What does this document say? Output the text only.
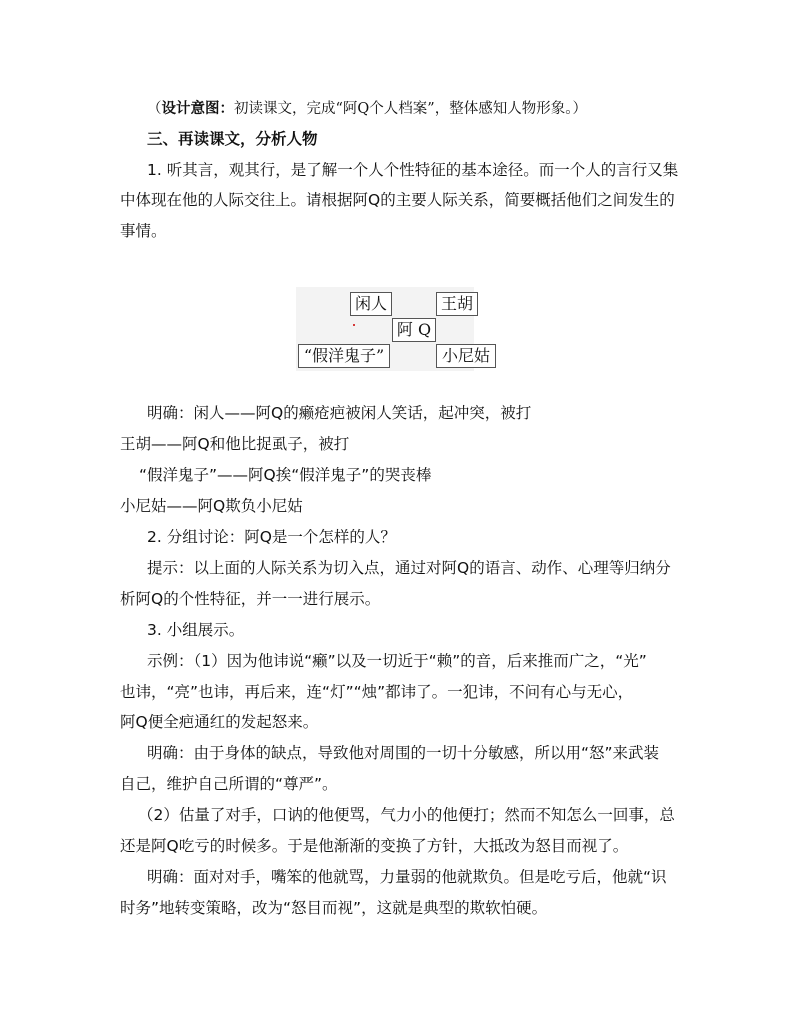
（设计意图：初读课文，完成“阿Q个人档案”，整体感知人物形象。）
三、再读课文，分析人物
1. 听其言，观其行，是了解一个人个性特征的基本途径。而一个人的言行又集
中体现在他的人际交往上。请根据阿Q的主要人际关系，简要概括他们之间发生的
事情。
闲人	王胡
阿 Q
“假洋鬼子”	小尼姑
明确：闲人——阿Q的癞疮疤被闲人笑话，起冲突，被打
王胡——阿Q和他比捉虱子，被打
“假洋鬼子”——阿Q挨“假洋鬼子”的哭丧棒
小尼姑——阿Q欺负小尼姑
2. 分组讨论：阿Q是一个怎样的人？
提示：以上面的人际关系为切入点，通过对阿Q的语言、动作、心理等归纳分
析阿Q的个性特征，并一一进行展示。
3. 小组展示。
示例：（1）因为他讳说“癞”以及一切近于“赖”的音，后来推而广之，“光”
也讳，“亮”也讳，再后来，连“灯”“烛”都讳了。一犯讳，不问有心与无心，
阿Q便全疤通红的发起怒来。
明确：由于身体的缺点，导致他对周围的一切十分敏感，所以用“怒”来武装
自己，维护自己所谓的“尊严”。
（2）估量了对手，口讷的他便骂，气力小的他便打；然而不知怎么一回事，总
还是阿Q吃亏的时候多。于是他渐渐的变换了方针，大抵改为怒目而视了。
明确：面对对手，嘴笨的他就骂，力量弱的他就欺负。但是吃亏后，他就“识
时务”地转变策略，改为“怒目而视”，这就是典型的欺软怕硬。
